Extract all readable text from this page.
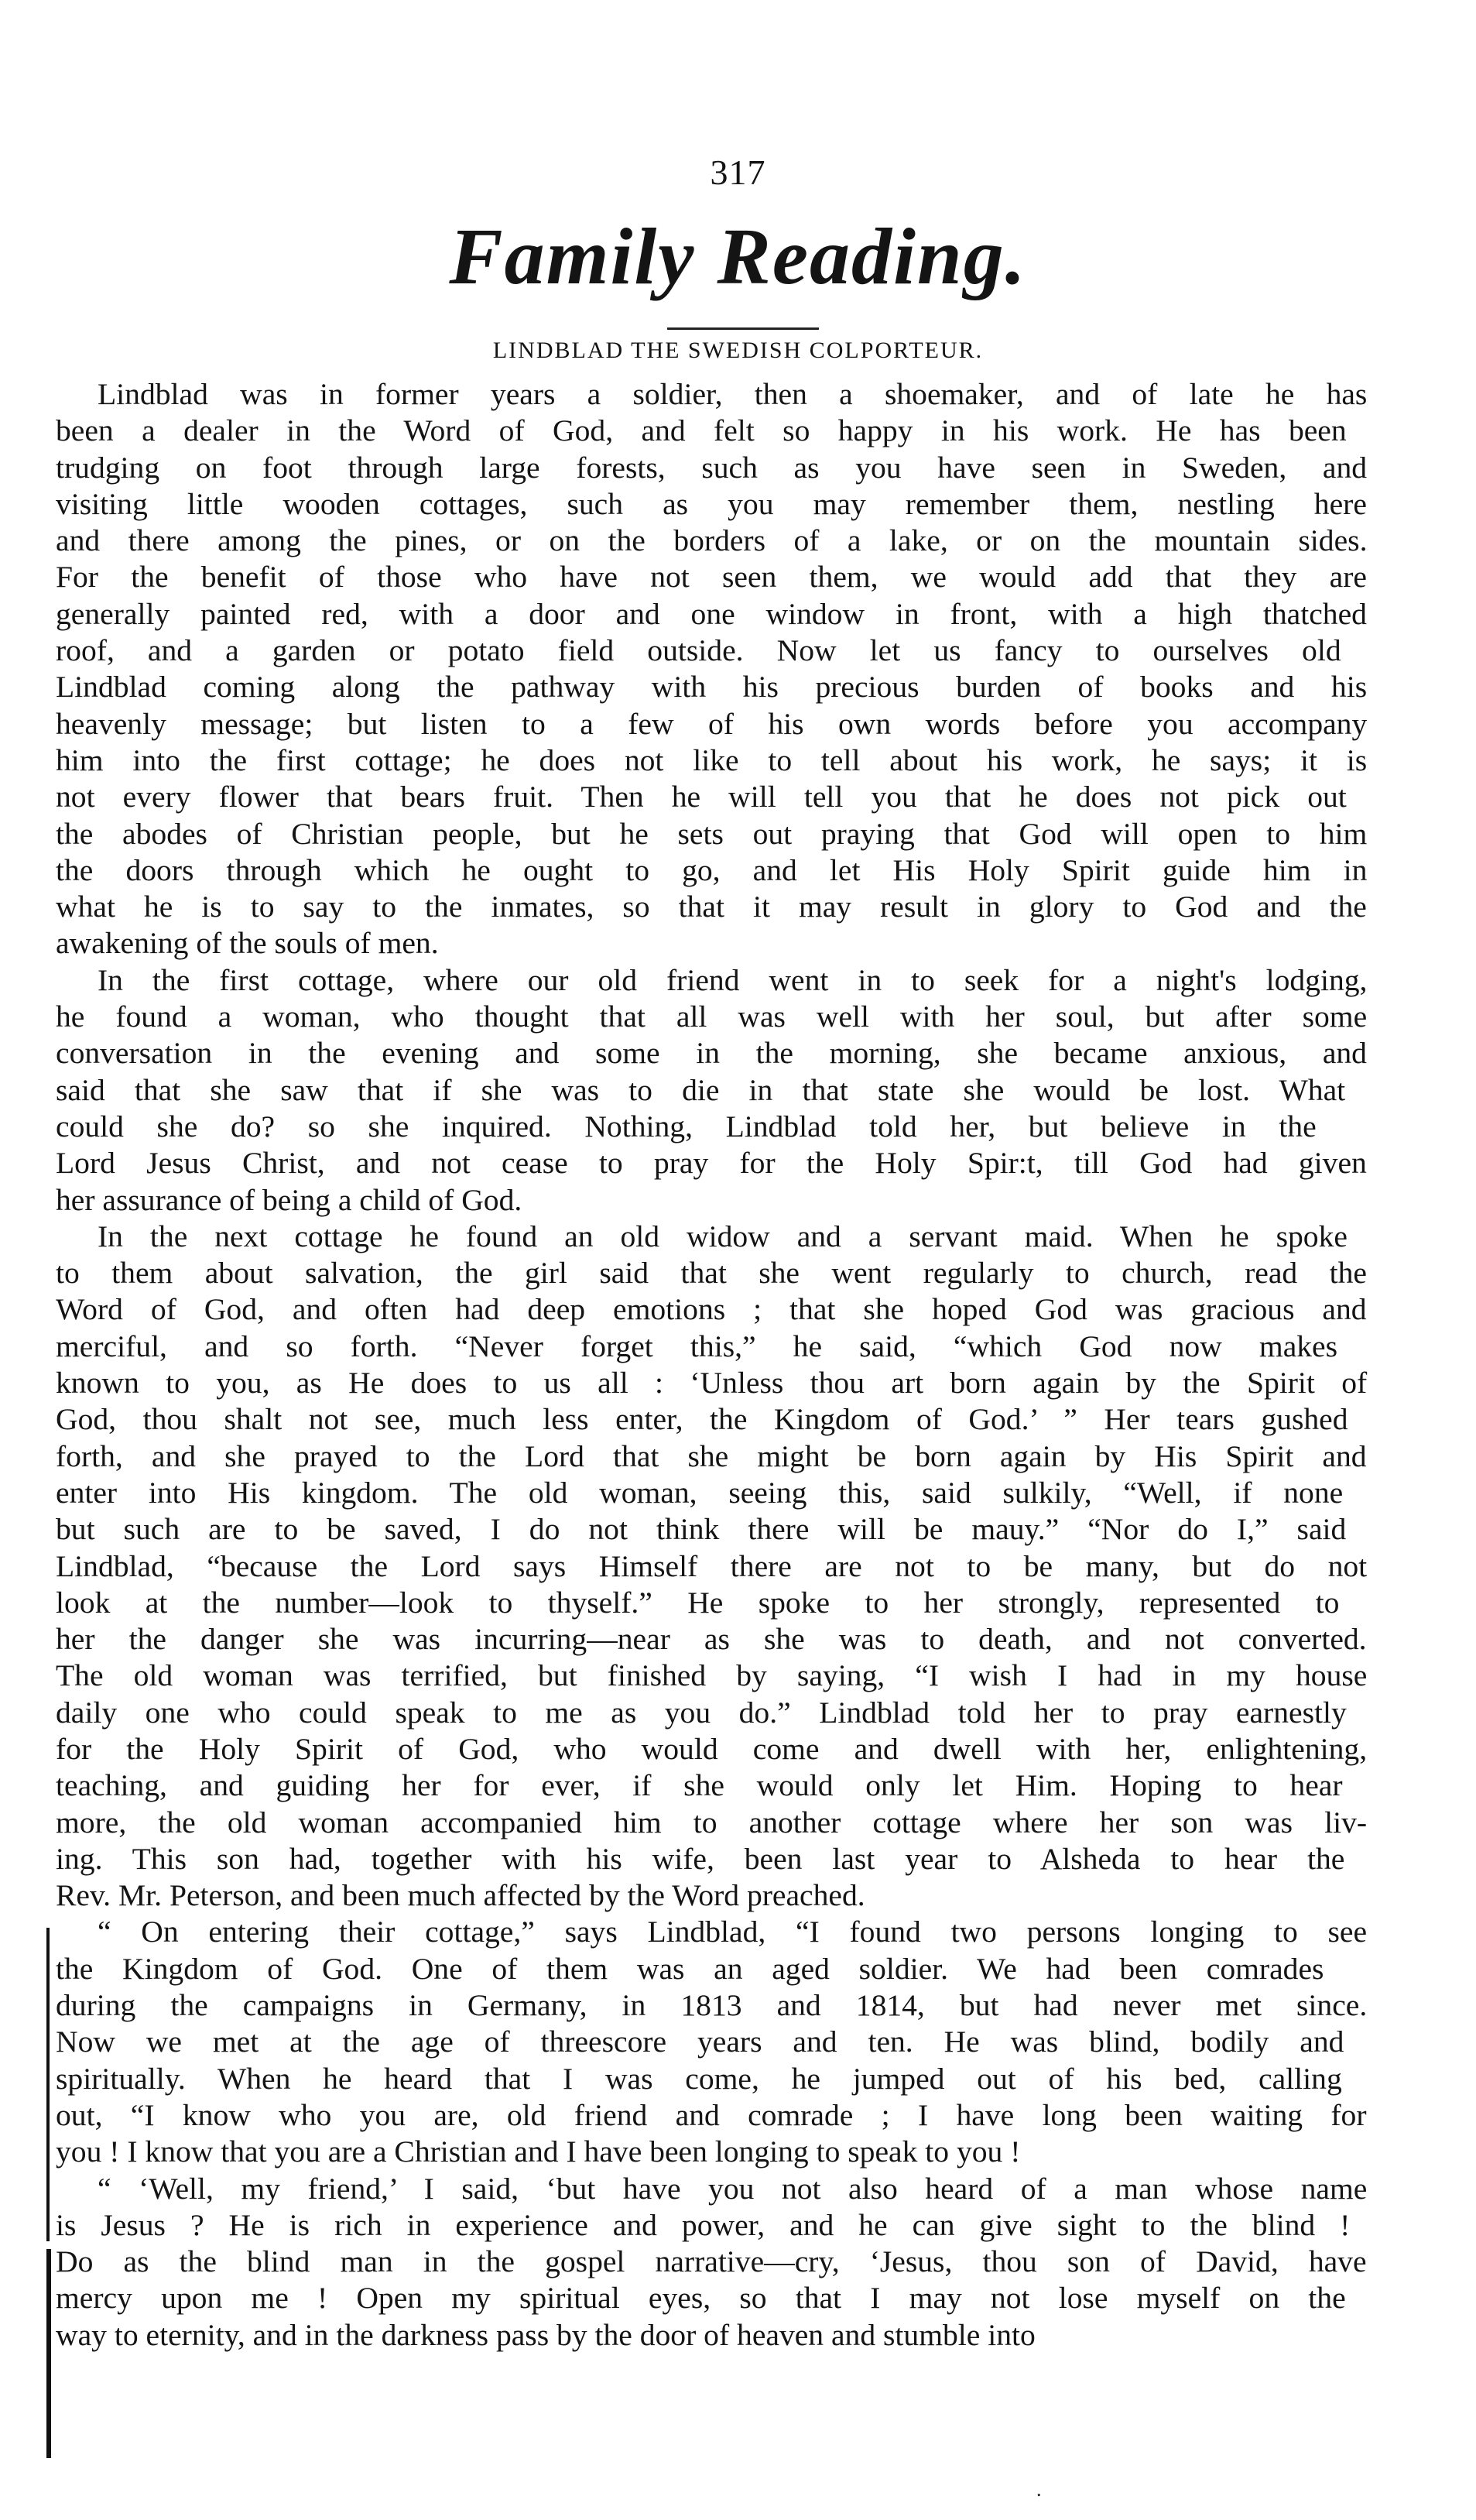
317
Family Reading.
LINDBLAD THE SWEDISH COLPORTEUR.
Lindblad was in former years a soldier, then a shoemaker, and of late he has
been a dealer in the Word of God, and felt so happy in his work. He has been
trudging on foot through large forests, such as you have seen in Sweden, and
visiting little wooden cottages, such as you may remember them, nestling here
and there among the pines, or on the borders of a lake, or on the mountain sides.
For the benefit of those who have not seen them, we would add that they are
generally painted red, with a door and one window in front, with a high thatched
roof, and a garden or potato field outside. Now let us fancy to ourselves old
Lindblad coming along the pathway with his precious burden of books and his
heavenly message; but listen to a few of his own words before you accompany
him into the first cottage; he does not like to tell about his work, he says; it is
not every flower that bears fruit. Then he will tell you that he does not pick out
the abodes of Christian people, but he sets out praying that God will open to him
the doors through which he ought to go, and let His Holy Spirit guide him in
what he is to say to the inmates, so that it may result in glory to God and the
awakening of the souls of men.
In the first cottage, where our old friend went in to seek for a night's lodging,
he found a woman, who thought that all was well with her soul, but after some
conversation in the evening and some in the morning, she became anxious, and
said that she saw that if she was to die in that state she would be lost. What
could she do? so she inquired. Nothing, Lindblad told her, but believe in the
Lord Jesus Christ, and not cease to pray for the Holy Spir:t, till God had given
her assurance of being a child of God.
In the next cottage he found an old widow and a servant maid. When he spoke
to them about salvation, the girl said that she went regularly to church, read the
Word of God, and often had deep emotions ; that she hoped God was gracious and
merciful, and so forth. “Never forget this,” he said, “which God now makes
known to you, as He does to us all : ‘Unless thou art born again by the Spirit of
God, thou shalt not see, much less enter, the Kingdom of God.’ ” Her tears gushed
forth, and she prayed to the Lord that she might be born again by His Spirit and
enter into His kingdom. The old woman, seeing this, said sulkily, “Well, if none
but such are to be saved, I do not think there will be mauy.” “Nor do I,” said
Lindblad, “because the Lord says Himself there are not to be many, but do not
look at the number—look to thyself.” He spoke to her strongly, represented to
her the danger she was incurring—near as she was to death, and not converted.
The old woman was terrified, but finished by saying, “I wish I had in my house
daily one who could speak to me as you do.” Lindblad told her to pray earnestly
for the Holy Spirit of God, who would come and dwell with her, enlightening,
teaching, and guiding her for ever, if she would only let Him. Hoping to hear
more, the old woman accompanied him to another cottage where her son was liv-
ing. This son had, together with his wife, been last year to Alsheda to hear the
Rev. Mr. Peterson, and been much affected by the Word preached.
“ On entering their cottage,” says Lindblad, “I found two persons longing to see
the Kingdom of God. One of them was an aged soldier. We had been comrades
during the campaigns in Germany, in 1813 and 1814, but had never met since.
Now we met at the age of threescore years and ten. He was blind, bodily and
spiritually. When he heard that I was come, he jumped out of his bed, calling
out, “I know who you are, old friend and comrade ; I have long been waiting for
you ! I know that you are a Christian and I have been longing to speak to you !
“ ‘Well, my friend,’ I said, ‘but have you not also heard of a man whose name
is Jesus ? He is rich in experience and power, and he can give sight to the blind !
Do as the blind man in the gospel narrative—cry, ‘Jesus, thou son of David, have
mercy upon me ! Open my spiritual eyes, so that I may not lose myself on the
way to eternity, and in the darkness pass by the door of heaven and stumble into
.
